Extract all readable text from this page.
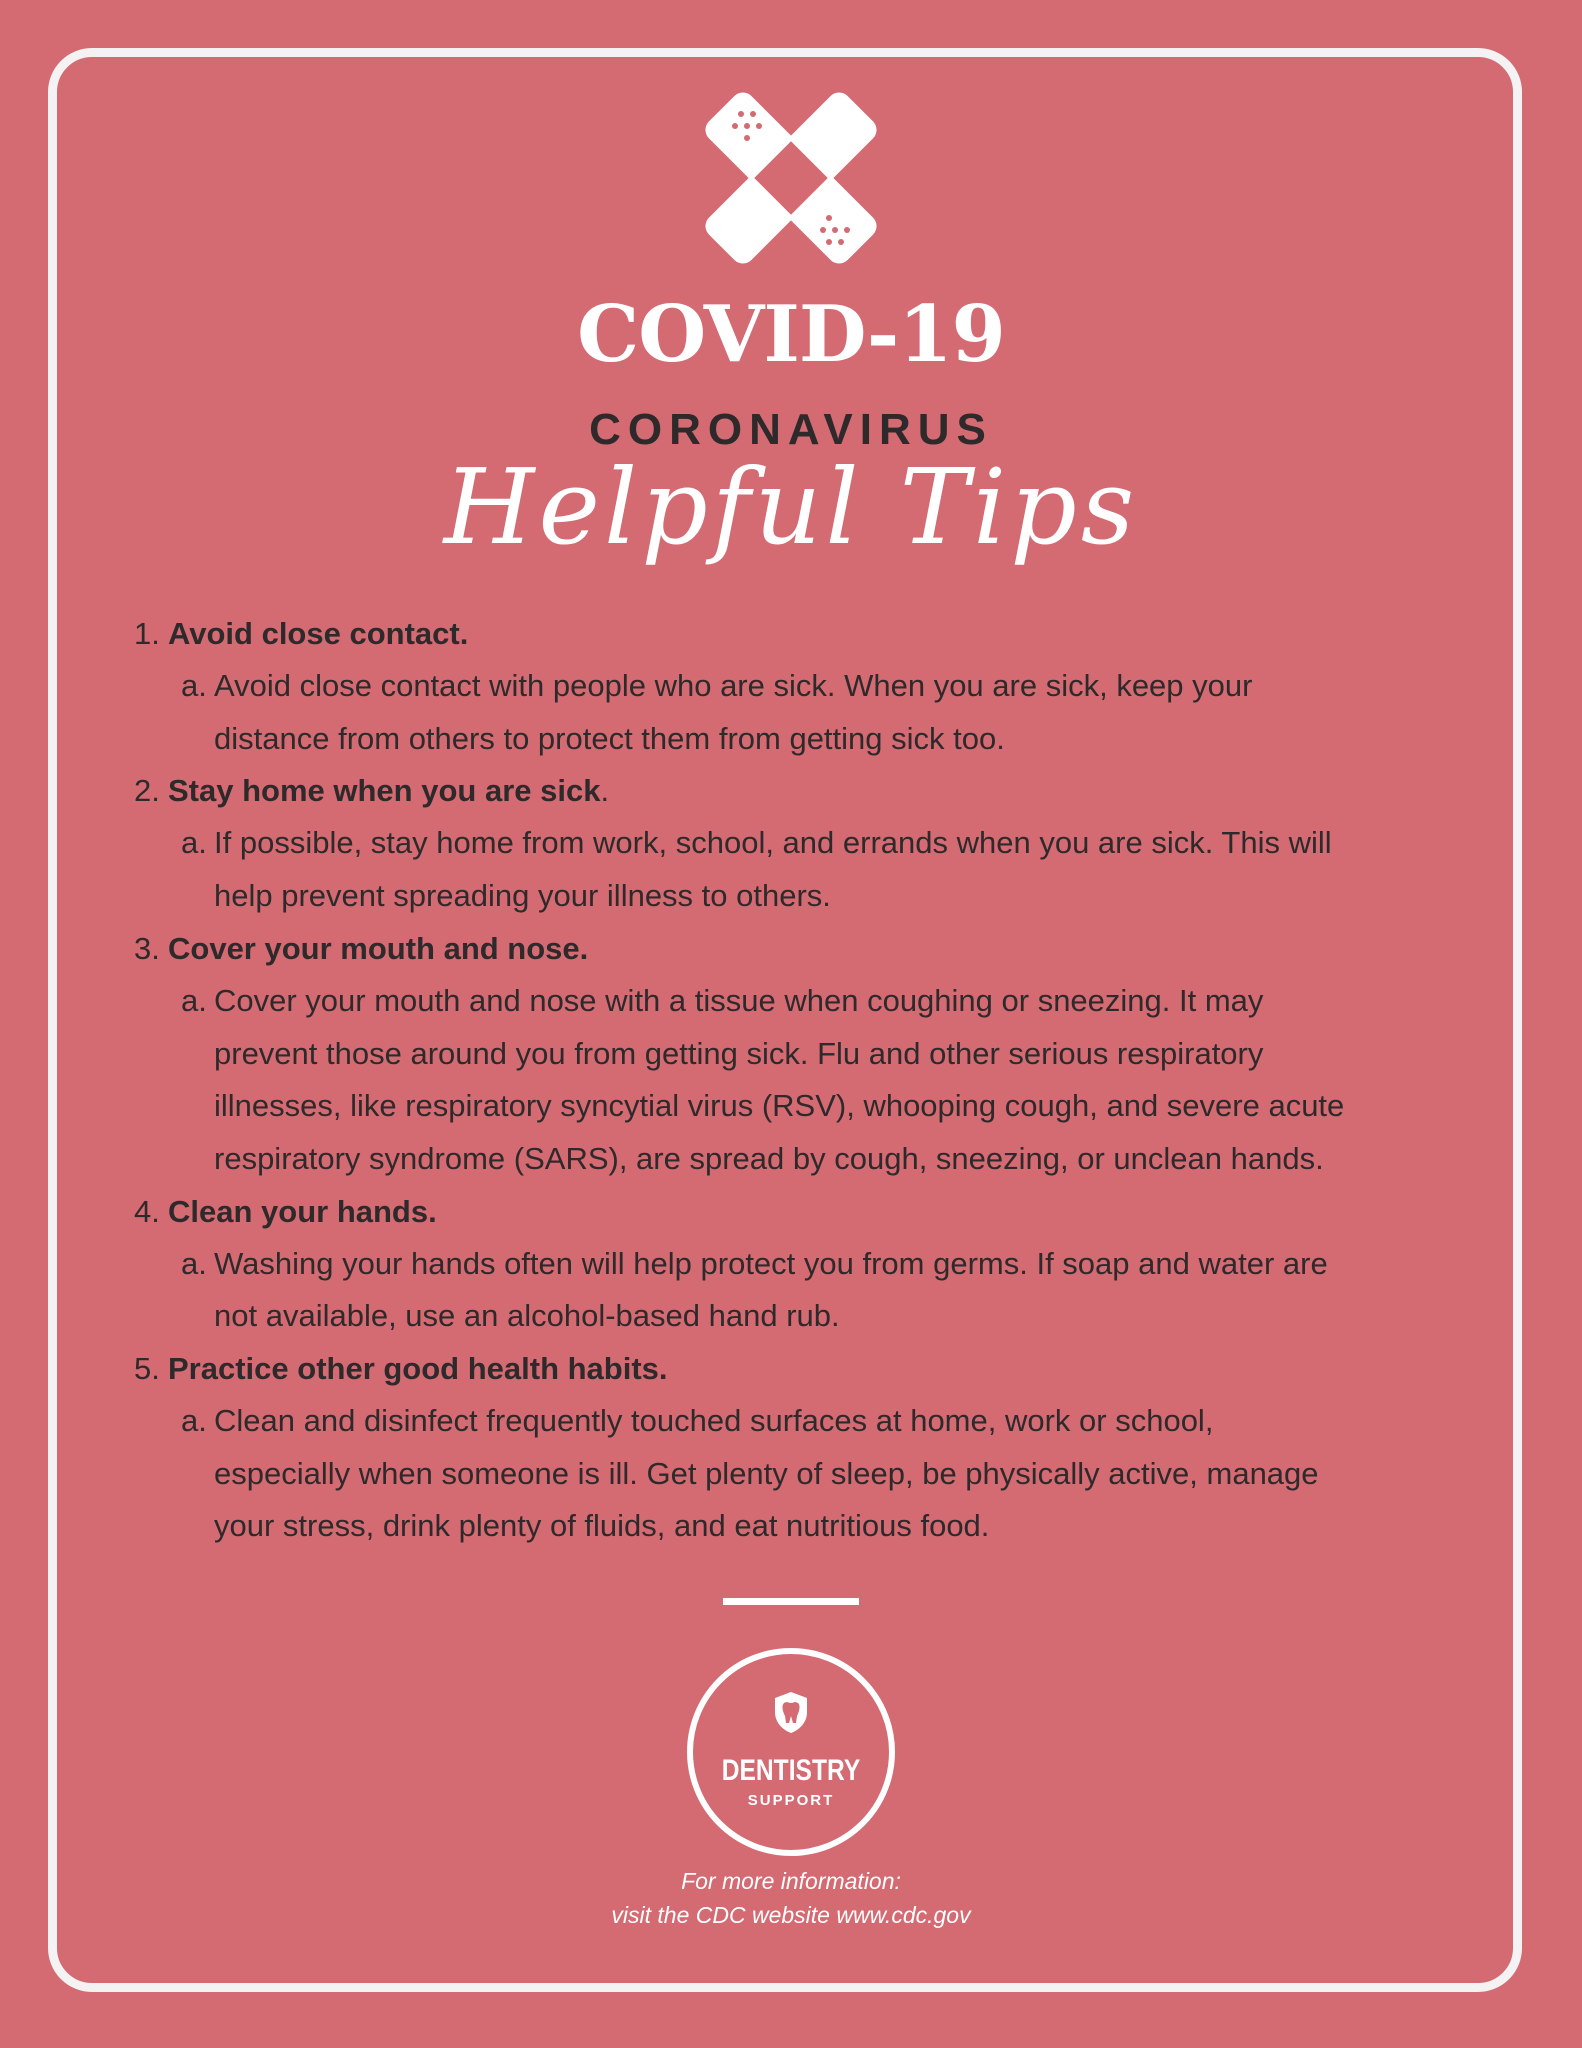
COVID-19
CORONAVIRUS
Helpful Tips
1. Avoid close contact.
a. Avoid close contact with people who are sick. When you are sick, keep your
distance from others to protect them from getting sick too.
2. Stay home when you are sick .
a. If possible, stay home from work, school, and errands when you are sick. This will
help prevent spreading your illness to others.
3. Cover your mouth and nose.
a. Cover your mouth and nose with a tissue when coughing or sneezing. It may
prevent those around you from getting sick. Flu and other serious respiratory
illnesses, like respiratory syncytial virus (RSV), whooping cough, and severe acute
respiratory syndrome (SARS), are spread by cough, sneezing, or unclean hands.
4. Clean your hands.
a. Washing your hands often will help protect you from germs. If soap and water are
not available, use an alcohol-based hand rub.
5. Practice other good health habits.
a. Clean and disinfect frequently touched surfaces at home, work or school,
especially when someone is ill. Get plenty of sleep, be physically active, manage
your stress, drink plenty of fluids, and eat nutritious food.
DENTISTRY
SUPPORT
For more information:
visit the CDC website www.cdc.gov
